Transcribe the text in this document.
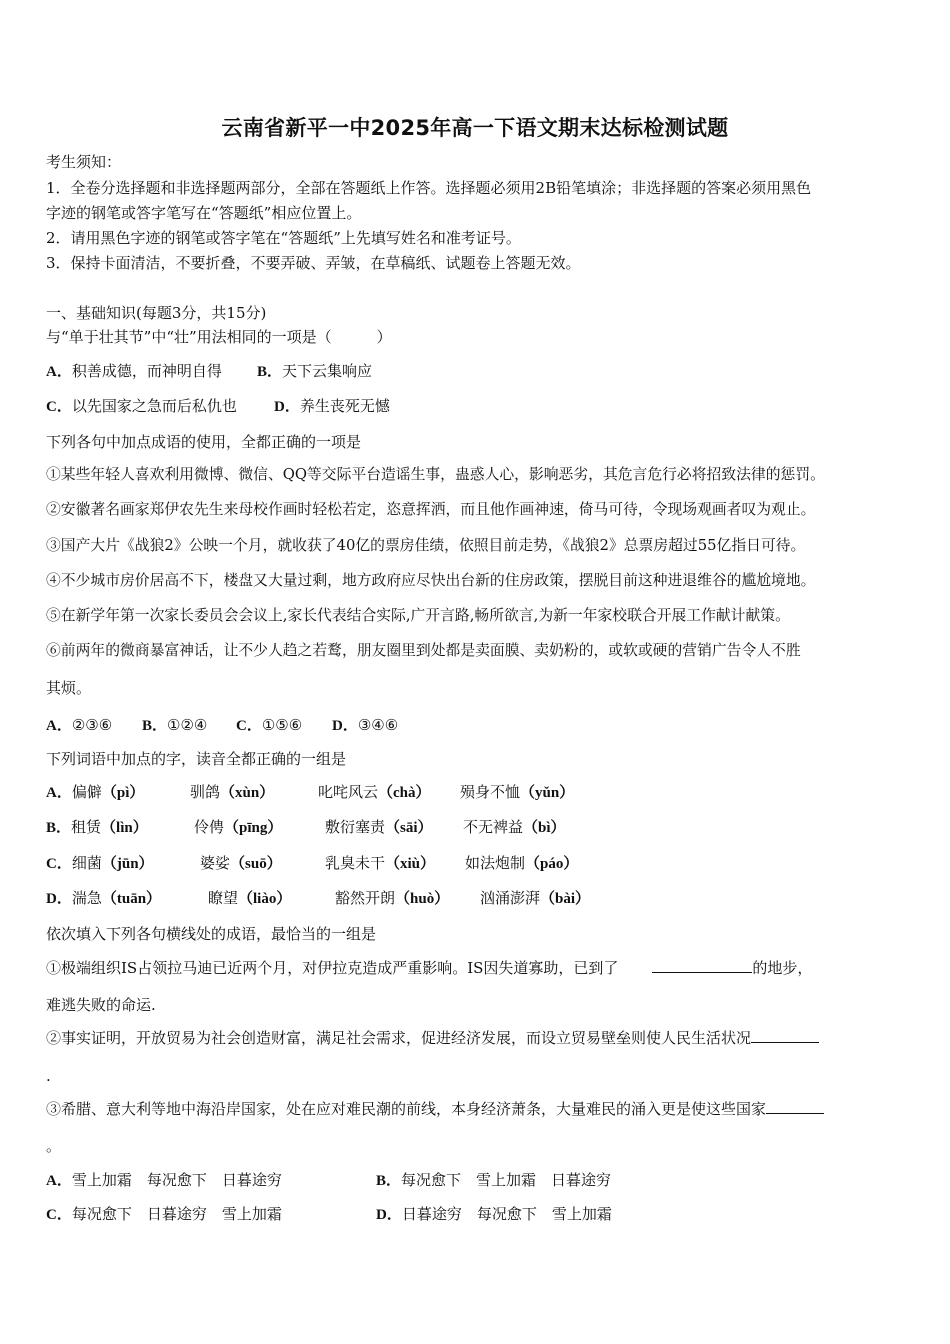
云南省新平一中2025年高一下语文期末达标检测试题
考生须知：
1．全卷分选择题和非选择题两部分，全部在答题纸上作答。选择题必须用2B铅笔填涂；非选择题的答案必须用黑色
字迹的钢笔或答字笔写在“答题纸”相应位置上。
2．请用黑色字迹的钢笔或答字笔在“答题纸”上先填写姓名和准考证号。
3．保持卡面清洁，不要折叠，不要弄破、弄皱，在草稿纸、试题卷上答题无效。
一、基础知识(每题3分，共15分)
与“单于壮其节”中“壮”用法相同的一项是（　　　）
A．积善成德，而神明自得 B．天下云集响应
C．以先国家之急而后私仇也 D．养生丧死无憾
下列各句中加点成语的使用，全都正确的一项是
①某些年轻人喜欢利用微博、微信、QQ等交际平台造谣生事，蛊惑人心，影响恶劣，其危言危行必将招致法律的惩罚。
②安徽著名画家郑伊农先生来母校作画时轻松若定，恣意挥洒，而且他作画神速，倚马可待，令现场观画者叹为观止。
③国产大片《战狼2》公映一个月，就收获了40亿的票房佳绩，依照目前走势，《战狼2》总票房超过55亿指日可待。
④不少城市房价居高不下，楼盘又大量过剩，地方政府应尽快出台新的住房政策，摆脱目前这种进退维谷的尴尬境地。
⑤在新学年第一次家长委员会会议上,家长代表结合实际,广开言路,畅所欲言,为新一年家校联合开展工作献计献策。
⑥前两年的微商暴富神话，让不少人趋之若鹜，朋友圈里到处都是卖面膜、卖奶粉的，或软或硬的营销广告令人不胜
其烦。
A．②③⑥ B．①②④ C．①⑤⑥ D．③④⑥
下列词语中加点的字，读音全都正确的一组是
A．偏僻（pì）	驯鸽（xùn）	叱咤风云（chà） 殒身不恤（yǔn）
B．租赁（lìn）	伶俜（pīng）	敷衍塞责（sāi） 不无裨益（bì）
C．细菌（jūn）	婆娑（suō）	乳臭未干（xiù） 如法炮制（páo）
D．湍急（tuān）	瞭望（liào）	豁然开朗（huò） 汹涌澎湃（bài）
依次填入下列各句横线处的成语，最恰当的一组是
①极端组织IS占领拉马迪已近两个月，对伊拉克造成严重影响。IS因失道寡助，已到了	的地步，
难逃失败的命运.
②事实证明，开放贸易为社会创造财富，满足社会需求，促进经济发展，而设立贸易壁垒则使人民生活状况
.
③希腊、意大利等地中海沿岸国家，处在应对难民潮的前线，本身经济萧条，大量难民的涌入更是使这些国家
。
A．雪上加霜　每况愈下　日暮途穷	B．每况愈下　雪上加霜　日暮途穷
C．每况愈下　日暮途穷　雪上加霜	D．日暮途穷　每况愈下　雪上加霜
